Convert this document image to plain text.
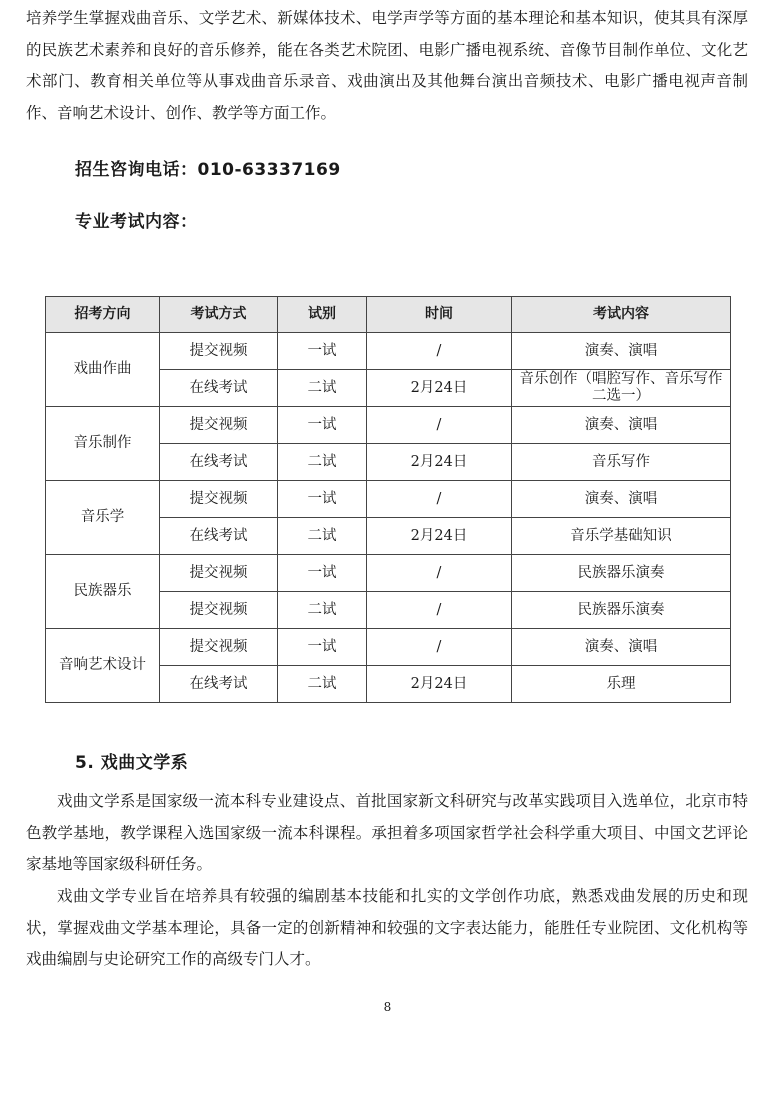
培养学生掌握戏曲音乐、文学艺术、新媒体技术、电学声学等方面的基本理论和基本知识，使其具有深厚的民族艺术素养和良好的音乐修养，能在各类艺术院团、电影广播电视系统、音像节目制作单位、文化艺术部门、教育相关单位等从事戏曲音乐录音、戏曲演出及其他舞台演出音频技术、电影广播电视声音制作、音响艺术设计、创作、教学等方面工作。

招生咨询电话：010-63337169

专业考试内容：

招考方向	考试方式	试别	时间	考试内容
戏曲作曲	提交视频	一试	/	演奏、演唱
	在线考试	二试	2月24日	音乐创作（唱腔写作、音乐写作二选一）
音乐制作	提交视频	一试	/	演奏、演唱
	在线考试	二试	2月24日	音乐写作
音乐学	提交视频	一试	/	演奏、演唱
	在线考试	二试	2月24日	音乐学基础知识
民族器乐	提交视频	一试	/	民族器乐演奏
	提交视频	二试	/	民族器乐演奏
音响艺术设计	提交视频	一试	/	演奏、演唱
	在线考试	二试	2月24日	乐理

5. 戏曲文学系

戏曲文学系是国家级一流本科专业建设点、首批国家新文科研究与改革实践项目入选单位，北京市特色教学基地，教学课程入选国家级一流本科课程。承担着多项国家哲学社会科学重大项目、中国文艺评论家基地等国家级科研任务。

戏曲文学专业旨在培养具有较强的编剧基本技能和扎实的文学创作功底，熟悉戏曲发展的历史和现状，掌握戏曲文学基本理论，具备一定的创新精神和较强的文字表达能力，能胜任专业院团、文化机构等戏曲编剧与史论研究工作的高级专门人才。

8
